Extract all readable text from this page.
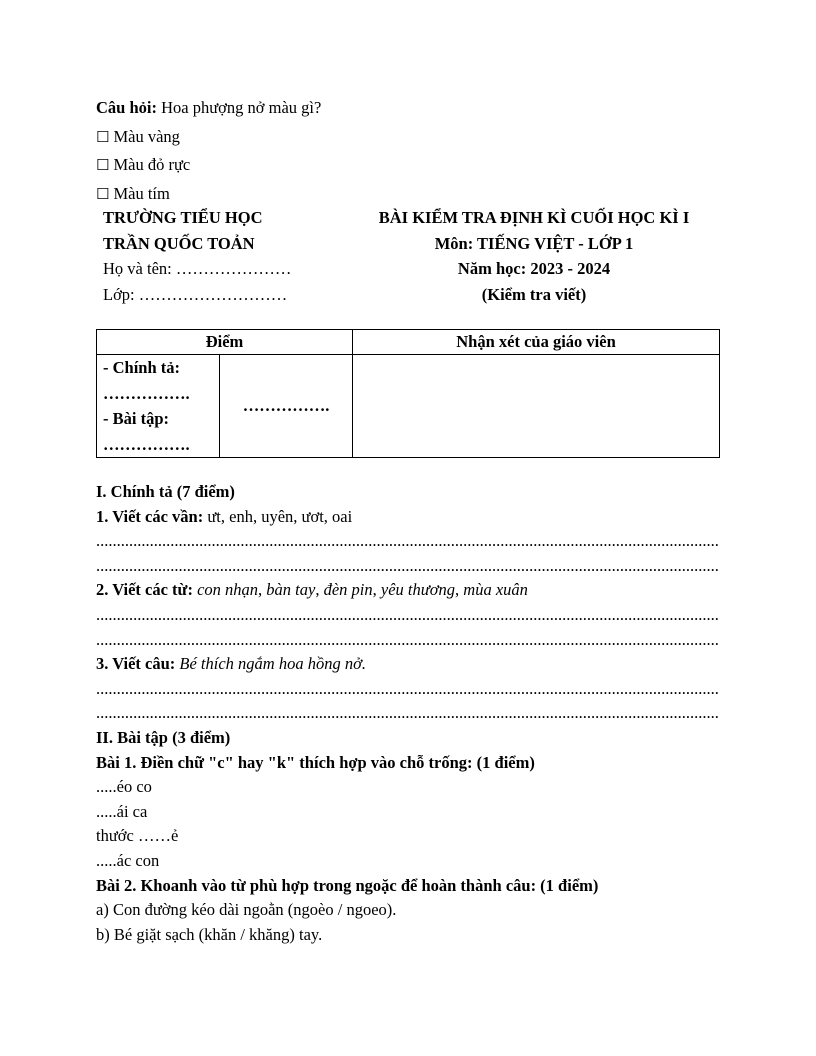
Câu hỏi: Hoa phượng nở màu gì?
☐ Màu vàng
☐ Màu đỏ rực
☐ Màu tím
TRƯỜNG TIỂU HỌC
TRẦN QUỐC TOẢN
Họ và tên: …………………
Lớp: ………………………
BÀI KIỂM TRA ĐỊNH KÌ CUỐI HỌC KÌ I
Môn: TIẾNG VIỆT - LỚP 1
Năm học: 2023 - 2024
(Kiểm tra viết)
Điểm		Nhận xét của giáo viên

- Chính tả:
…………….
- Bài tập:
…………….	…………….	
I. Chính tả (7 điểm)
1. Viết các vần: ưt, enh, uyên, ươt, oai
.......................................................................................................................................................
.......................................................................................................................................................
2. Viết các từ: con nhạn, bàn tay, đèn pin, yêu thương, mùa xuân
.......................................................................................................................................................
.......................................................................................................................................................
3. Viết câu: Bé thích ngắm hoa hồng nở.
.......................................................................................................................................................
.......................................................................................................................................................
II. Bài tập (3 điểm)
Bài 1. Điền chữ "c" hay "k" thích hợp vào chỗ trống: (1 điểm)
.....éo co
.....ái ca
thước ……ẻ
.....ác con
Bài 2. Khoanh vào từ phù hợp trong ngoặc để hoàn thành câu: (1 điểm)
a) Con đường kéo dài ngoằn (ngoèo / ngoeo).
b) Bé giặt sạch (khăn / khăng) tay.
